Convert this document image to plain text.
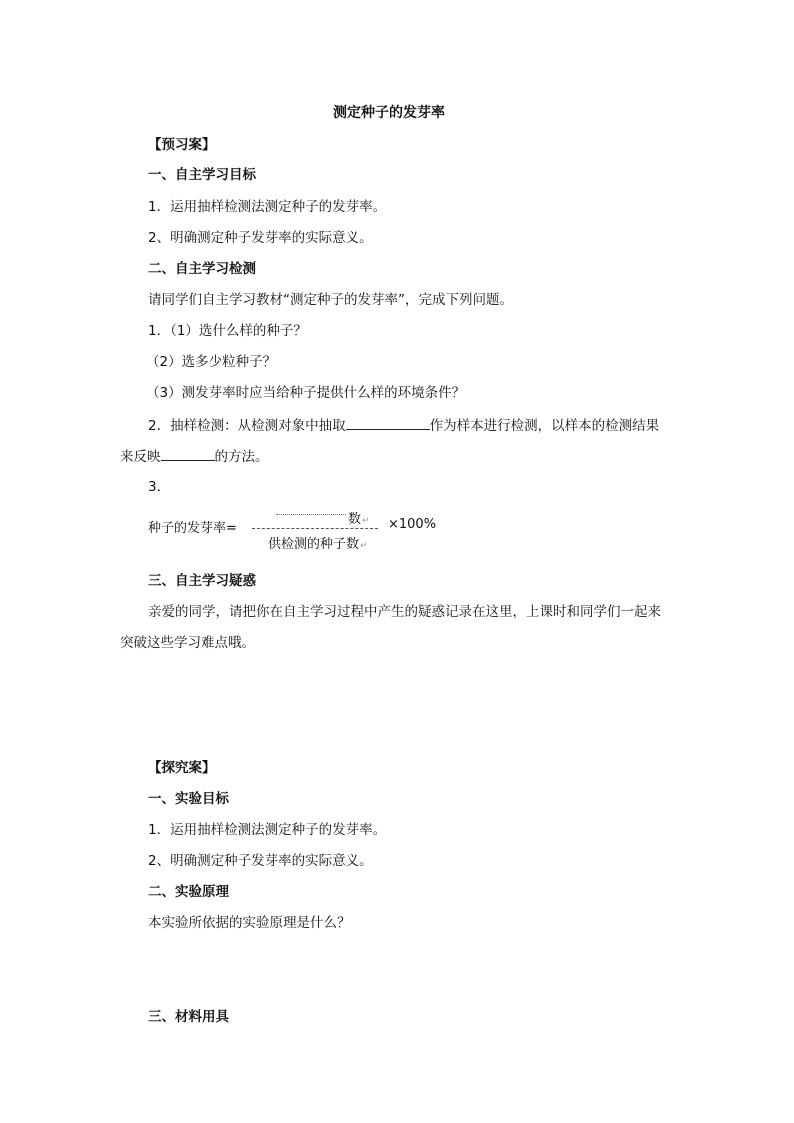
测定种子的发芽率
【预习案】
一、自主学习目标
1．运用抽样检测法测定种子的发芽率。
2、明确测定种子发芽率的实际意义。
二、自主学习检测
请同学们自主学习教材“测定种子的发芽率”，完成下列问题。
1．（1）选什么样的种子？
（2）选多少粒种子？
（3）测发芽率时应当给种子提供什么样的环境条件？
2．抽样检测：从检测对象中抽取	作为样本进行检测，以样本的检测结果
来反映	的方法。
3．
种子的发芽率=
数↵
供检测的种子数↵
×100%
三、自主学习疑惑
亲爱的同学，请把你在自主学习过程中产生的疑惑记录在这里，上课时和同学们一起来
突破这些学习难点哦。
【探究案】
一、实验目标
1．运用抽样检测法测定种子的发芽率。
2、明确测定种子发芽率的实际意义。
二、实验原理
本实验所依据的实验原理是什么？
三、材料用具
